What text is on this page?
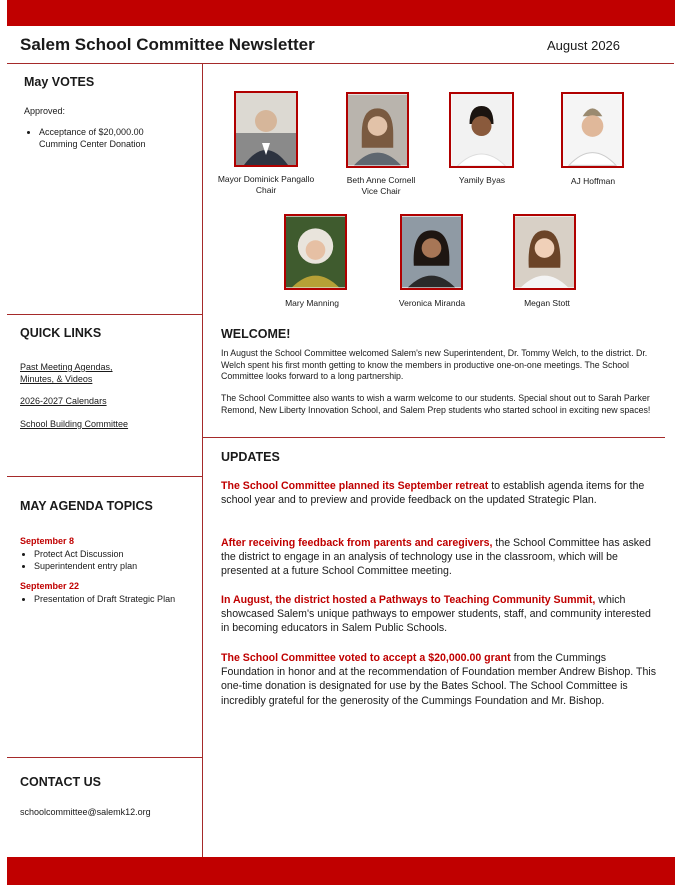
Salem School Committee Newsletter	August 2026
May VOTES
Approved:
• Acceptance of $20,000.00 Cumming Center Donation
QUICK LINKS
Past Meeting Agendas, Minutes, & Videos
2026-2027 Calendars
School Building Committee
MAY AGENDA TOPICS
September 8
• Protect Act Discussion
• Superintendent entry plan
September 22
• Presentation of Draft Strategic Plan
CONTACT US
schoolcommittee@salemk12.org
Mayor Dominick Pangallo
Chair
Beth Anne Cornell
Vice Chair
Yamily Byas	AJ Hoffman
Mary Manning	Veronica Miranda	Megan Stott
WELCOME!
In August the School Committee welcomed Salem's new Superintendent, Dr. Tommy Welch, to the district. Dr. Welch spent his first month getting to know the members in productive one-on-one meetings. The School Committee looks forward to a long partnership.
The School Committee also wants to wish a warm welcome to our students. Special shout out to Sarah Parker Remond, New Liberty Innovation School, and Salem Prep students who started school in exciting new spaces!
UPDATES
The School Committee planned its September retreat to establish agenda items for the school year and to preview and provide feedback on the updated Strategic Plan.
After receiving feedback from parents and caregivers, the School Committee has asked the district to engage in an analysis of technology use in the classroom, which will be presented at a future School Committee meeting.
In August, the district hosted a Pathways to Teaching Community Summit, which showcased Salem's unique pathways to empower students, staff, and community interested in becoming educators in Salem Public Schools.
The School Committee voted to accept a $20,000.00 grant from the Cummings Foundation in honor and at the recommendation of Foundation member Andrew Bishop. This one-time donation is designated for use by the Bates School. The School Committee is incredibly grateful for the generosity of the Cummings Foundation and Mr. Bishop.
